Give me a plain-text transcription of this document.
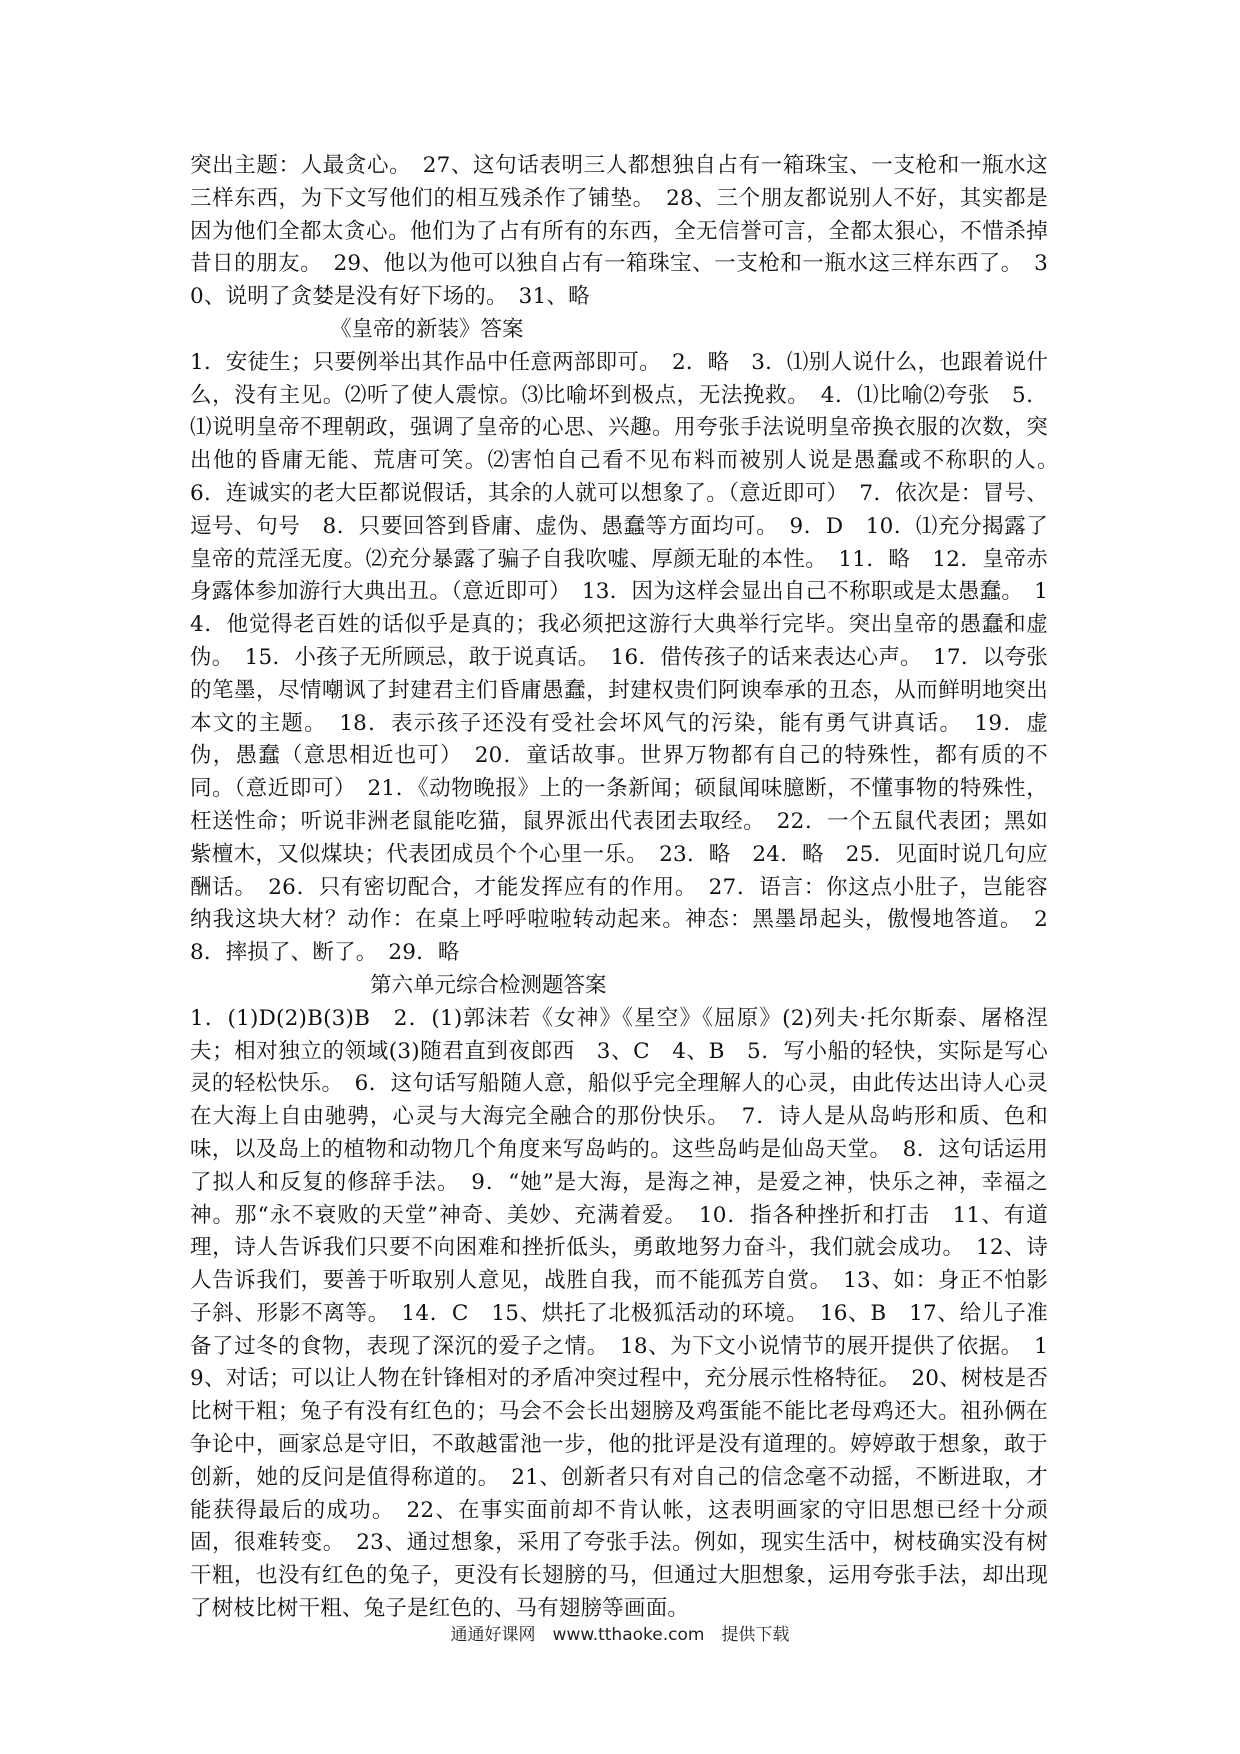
突出主题：人最贪心。　27、这句话表明三人都想独自占有一箱珠宝、一支枪和一瓶水这三样东西，为下文写他们的相互残杀作了铺垫。　28、三个朋友都说别人不好，其实都是因为他们全都太贪心。他们为了占有所有的东西，全无信誉可言，全都太狠心，不惜杀掉昔日的朋友。　29、他以为他可以独自占有一箱珠宝、一支枪和一瓶水这三样东西了。　30、说明了贪婪是没有好下场的。　31、略

《皇帝的新装》答案

1．安徒生；只要例举出其作品中任意两部即可。　2．略　3．⑴别人说什么，也跟着说什么，没有主见。⑵听了使人震惊。⑶比喻坏到极点，无法挽救。　4．⑴比喻⑵夸张　5．⑴说明皇帝不理朝政，强调了皇帝的心思、兴趣。用夸张手法说明皇帝换衣服的次数，突出他的昏庸无能、荒唐可笑。⑵害怕自己看不见布料而被别人说是愚蠢或不称职的人。　6．连诚实的老大臣都说假话，其余的人就可以想象了。（意近即可）　7．依次是：冒号、逗号、句号　8．只要回答到昏庸、虚伪、愚蠢等方面均可。　9．D　10．⑴充分揭露了皇帝的荒淫无度。⑵充分暴露了骗子自我吹嘘、厚颜无耻的本性。　11．略　12．皇帝赤身露体参加游行大典出丑。（意近即可）　13．因为这样会显出自己不称职或是太愚蠢。　14．他觉得老百姓的话似乎是真的；我必须把这游行大典举行完毕。突出皇帝的愚蠢和虚伪。　15．小孩子无所顾忌，敢于说真话。　16．借传孩子的话来表达心声。　17．以夸张的笔墨，尽情嘲讽了封建君主们昏庸愚蠢，封建权贵们阿谀奉承的丑态，从而鲜明地突出本文的主题。　18．表示孩子还没有受社会坏风气的污染，能有勇气讲真话。　19．虚伪，愚蠢（意思相近也可）　20．童话故事。世界万物都有自己的特殊性，都有质的不同。（意近即可）　21．《动物晚报》上的一条新闻；硕鼠闻味臆断，不懂事物的特殊性，枉送性命；听说非洲老鼠能吃猫，鼠界派出代表团去取经。　22．一个五鼠代表团；黑如紫檀木，又似煤块；代表团成员个个心里一乐。　23．略　24．略　25．见面时说几句应酬话。　26．只有密切配合，才能发挥应有的作用。　27．语言：你这点小肚子，岂能容纳我这块大材？动作：在桌上呼呼啦啦转动起来。神态：黑墨昂起头，傲慢地答道。　28．摔损了、断了。　29．略

第六单元综合检测题答案

1．(1)D(2)B(3)B　2．(1)郭沫若《女神》《星空》《屈原》(2)列夫·托尔斯泰、屠格涅夫；相对独立的领域(3)随君直到夜郎西　3、C　4、B　5．写小船的轻快，实际是写心灵的轻松快乐。　6．这句话写船随人意，船似乎完全理解人的心灵，由此传达出诗人心灵在大海上自由驰骋，心灵与大海完全融合的那份快乐。　7．诗人是从岛屿形和质、色和味，以及岛上的植物和动物几个角度来写岛屿的。这些岛屿是仙岛天堂。　8．这句话运用了拟人和反复的修辞手法。　9．“她”是大海，是海之神，是爱之神，快乐之神，幸福之神。那“永不衰败的天堂”神奇、美妙、充满着爱。　10．指各种挫折和打击　11、有道理，诗人告诉我们只要不向困难和挫折低头，勇敢地努力奋斗，我们就会成功。　12、诗人告诉我们，要善于听取别人意见，战胜自我，而不能孤芳自赏。　13、如：身正不怕影子斜、形影不离等。　14．C　15、烘托了北极狐活动的环境。　16、B　17、给儿子准备了过冬的食物，表现了深沉的爱子之情。　18、为下文小说情节的展开提供了依据。　19、对话；可以让人物在针锋相对的矛盾冲突过程中，充分展示性格特征。　20、树枝是否比树干粗；兔子有没有红色的；马会不会长出翅膀及鸡蛋能不能比老母鸡还大。祖孙俩在争论中，画家总是守旧，不敢越雷池一步，他的批评是没有道理的。婷婷敢于想象，敢于创新，她的反问是值得称道的。　21、创新者只有对自己的信念毫不动摇，不断进取，才能获得最后的成功。　22、在事实面前却不肯认帐，这表明画家的守旧思想已经十分顽固，很难转变。　23、通过想象，采用了夸张手法。例如，现实生活中，树枝确实没有树干粗，也没有红色的兔子，更没有长翅膀的马，但通过大胆想象，运用夸张手法，却出现了树枝比树干粗、兔子是红色的、马有翅膀等画面。

通通好课网　www.tthaoke.com　提供下载
